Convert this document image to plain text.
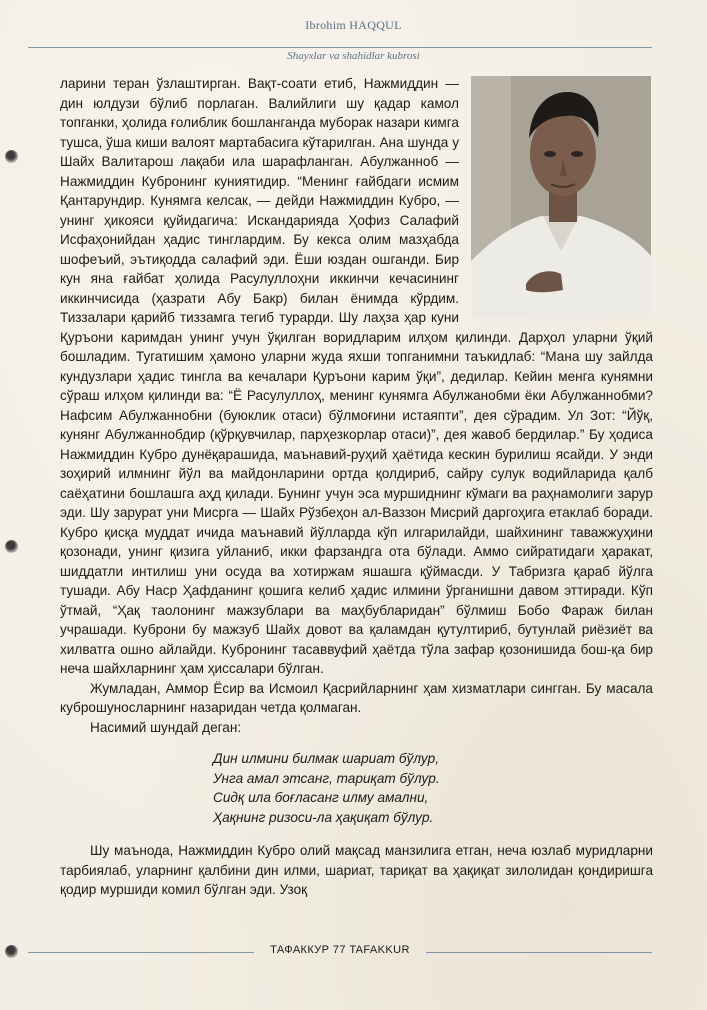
Ibrohim HAQQUL
Shayxlar va shahidlar kubrosi
ларини теран ўзлаштирган. Вақт-соати етиб, Нажмиддин — дин юлдузи бўлиб порлаган. Валийлиги шу қадар камол топганки, ҳолида ғолиблик бошланганда муборак назари кимга тушса, ўша киши валоят мартабасига кўтарилган. Ана шунда у Шайх Валитарош лақаби ила шарафланган. Абулжанноб — Нажмиддин Кубронинг куниятидир. “Менинг ғайбдаги исмим Қантарундир. Кунямга келсак, — дейди Нажмиддин Кубро, — унинг ҳикояси қуйидагича: Искандарияда Ҳофиз Салафий Исфаҳонийдан ҳадис тинглардим. Бу кекса олим мазҳабда шофеъий, эътиқодда салафий эди. Ёши юздан ошганди. Бир кун яна ғайбат ҳолида Расулуллоҳни иккинчи кечасининг иккинчисида (ҳазрати Абу Бакр) билан ёнимда кўрдим. Тиззалари қарийб тиззамга тегиб турарди. Шу лаҳза ҳар куни Қуръони каримдан унинг учун ўқилган воридларим илҳом қилинди. Дарҳол уларни ўқий бошладим. Тугатишим ҳамоно уларни жуда яхши топганимни таъкидлаб: “Мана шу зайлда кундузлари ҳадис тингла ва кечалари Қуръони карим ўқи”, дедилар. Кейин менга кунямни сўраш илҳом қилинди ва: “Ё Расулуллоҳ, менинг кунямга Абулжанобми ёки Абулжаннобми? Нафсим Абулжаннобни (буюклик отаси) бўлмоғини истаяпти”, дея сўрадим. Ул Зот: “Йўқ, кунянг Абулжаннобдир (қўрқувчилар, парҳезкорлар отаси)”, дея жавоб бердилар.” Бу ҳодиса Нажмиддин Кубро дунёқарашида, маънавий-руҳий ҳаётида кескин бурилиш ясайди. У энди зоҳирий илмнинг йўл ва майдонларини ортда қолдириб, сайру сулук водийларида қалб саёҳатини бошлашга аҳд қилади. Бунинг учун эса муршиднинг кўмаги ва раҳнамолиги зарур эди. Шу зарурат уни Мисрга — Шайх Рўзбеҳон ал-Ваззон Мисрий даргоҳига етаклаб боради. Кубро қисқа муддат ичида маънавий йўлларда кўп илгарилайди, шайхининг таважжуҳини қозонади, унинг қизига уйланиб, икки фарзандга ота бўлади. Аммо сийратидаги ҳаракат, шиддатли интилиш уни осуда ва хотиржам яшашга қўймасди. У Табризга қараб йўлга тушади. Абу Наср Ҳафданинг қошига келиб ҳадис илмини ўрганишни давом эттиради. Кўп ўтмай, “Ҳақ таолонинг мажзублари ва маҳбубларидан” бўлмиш Бобо Фараж билан учрашади. Куброни бу мажзуб Шайх довот ва қаламдан қутултириб, бутунлай риёзиёт ва хилватга ошно айлайди. Кубронинг тасаввуфий ҳаётда тўла зафар қозонишида бош-қа бир неча шайхларнинг ҳам ҳиссалари бўлган.

Жумладан, Аммор Ёсир ва Исмоил Қасрийларнинг ҳам хизматлари сингган. Бу масала куброшуносларнинг назаридан четда қолмаган.

Насимий шундай деган:

Дин илмини билмак шариат бўлур,
Унга амал этсанг, тариқат бўлур.
Сидқ ила боғласанг илму амални,
Ҳақнинг ризоси-ла ҳақиқат бўлур.

Шу маънода, Нажмиддин Кубро олий мақсад манзилига етган, неча юзлаб муридларни тарбиялаб, уларнинг қалбини дин илми, шариат, тариқат ва ҳақиқат зилолидан қондиришга қодир муршиди комил бўлган эди. Узоқ

ТАФАККУР 77 TAFAKKUR
